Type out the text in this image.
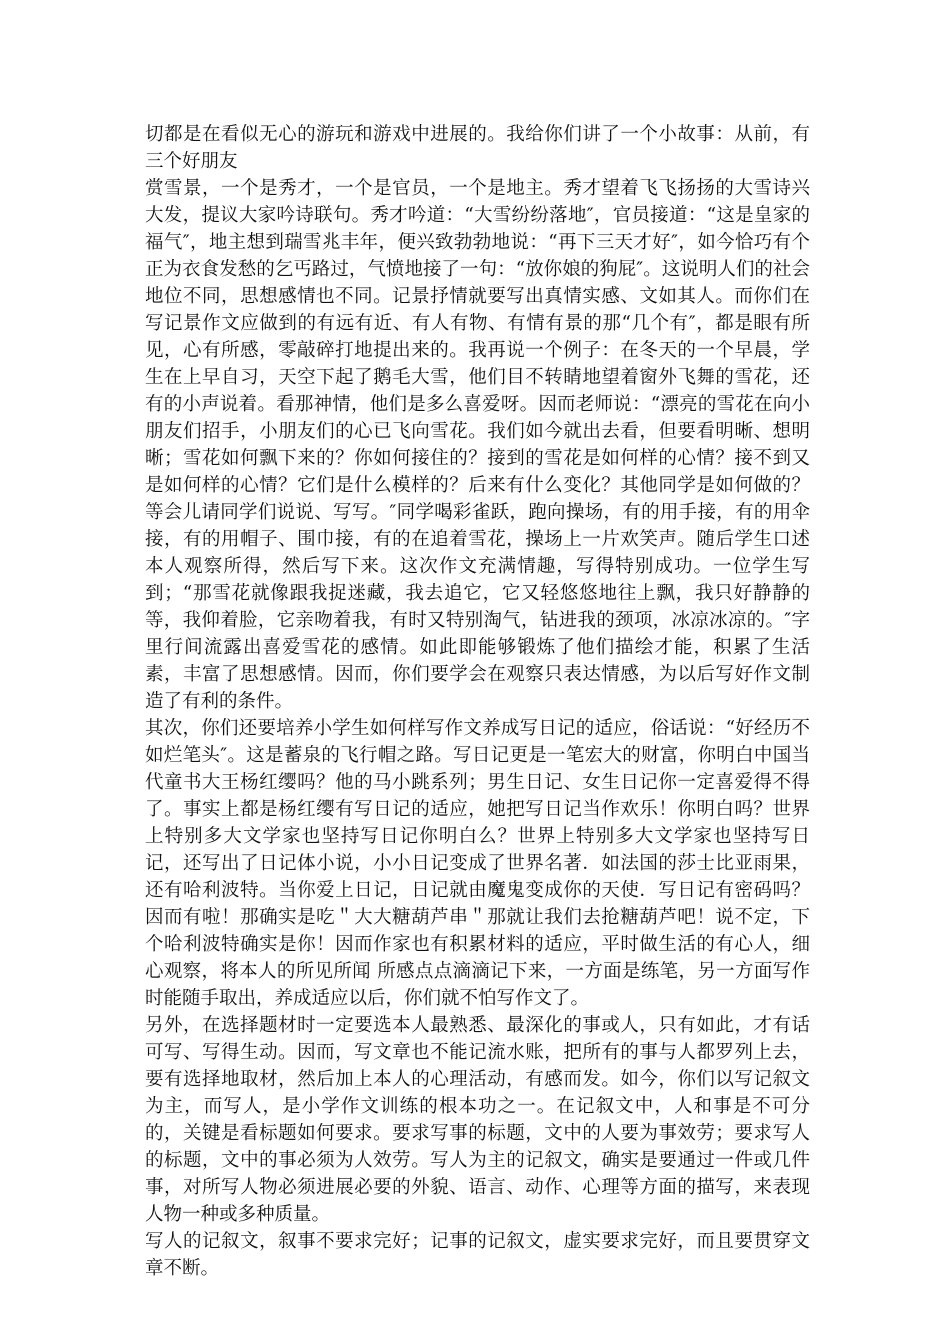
切都是在看似无心的游玩和游戏中进展的。我给你们讲了一个小故事：从前，有三个好朋友

赏雪景，一个是秀才，一个是官员，一个是地主。秀才望着飞飞扬扬的大雪诗兴大发，提议大家吟诗联句。秀才吟道：“大雪纷纷落地″，官员接道：“这是皇家的福气″，地主想到瑞雪兆丰年，便兴致勃勃地说：“再下三天才好″，如今恰巧有个正为衣食发愁的乞丐路过，气愤地接了一句：“放你娘的狗屁″。这说明人们的社会地位不同，思想感情也不同。记景抒情就要写出真情实感、文如其人。而你们在写记景作文应做到的有远有近、有人有物、有情有景的那“几个有″，都是眼有所见，心有所感，零敲碎打地提出来的。我再说一个例子：在冬天的一个早晨，学生在上早自习，天空下起了鹅毛大雪，他们目不转睛地望着窗外飞舞的雪花，还有的小声说着。看那神情，他们是多么喜爱呀。因而老师说：“漂亮的雪花在向小朋友们招手，小朋友们的心已飞向雪花。我们如今就出去看，但要看明晰、想明晰；雪花如何飘下来的？你如何接住的？接到的雪花是如何样的心情？接不到又是如何样的心情？它们是什么模样的？后来有什么变化？其他同学是如何做的？等会儿请同学们说说、写写。″同学喝彩雀跃，跑向操场，有的用手接，有的用伞接，有的用帽子、围巾接，有的在追着雪花，操场上一片欢笑声。随后学生口述本人观察所得，然后写下来。这次作文充满情趣，写得特别成功。一位学生写到；“那雪花就像跟我捉迷藏，我去追它，它又轻悠悠地往上飘，我只好静静的等，我仰着脸，它亲吻着我，有时又特别淘气，钻进我的颈项，冰凉冰凉的。″字里行间流露出喜爱雪花的感情。如此即能够锻炼了他们描绘才能，积累了生活素，丰富了思想感情。因而，你们要学会在观察只表达情感，为以后写好作文制造了有利的条件。

其次，你们还要培养小学生如何样写作文养成写日记的适应，俗话说：“好经历不如烂笔头″。这是蓄泉的飞行帽之路。写日记更是一笔宏大的财富，你明白中国当代童书大王杨红缨吗？他的马小跳系列；男生日记、女生日记你一定喜爱得不得了。事实上都是杨红缨有写日记的适应，她把写日记当作欢乐！你明白吗？世界上特别多大文学家也坚持写日记你明白么？世界上特别多大文学家也坚持写日记，还写出了日记体小说，小小日记变成了世界名著．如法国的莎士比亚雨果，还有哈利波特。当你爱上日记，日记就由魔鬼变成你的天使．写日记有密码吗？因而有啦！那确实是吃＂大大糖葫芦串＂那就让我们去抢糖葫芦吧！说不定，下个哈利波特确实是你！因而作家也有积累材料的适应，平时做生活的有心人，细心观察，将本人的所见所闻 所感点点滴滴记下来，一方面是练笔，另一方面写作时能随手取出，养成适应以后，你们就不怕写作文了。

另外，在选择题材时一定要选本人最熟悉、最深化的事或人，只有如此，才有话可写、写得生动。因而，写文章也不能记流水账，把所有的事与人都罗列上去，要有选择地取材，然后加上本人的心理活动，有感而发。如今，你们以写记叙文为主，而写人，是小学作文训练的根本功之一。在记叙文中，人和事是不可分的，关键是看标题如何要求。要求写事的标题，文中的人要为事效劳；要求写人的标题，文中的事必须为人效劳。写人为主的记叙文，确实是要通过一件或几件事，对所写人物必须进展必要的外貌、语言、动作、心理等方面的描写，来表现人物一种或多种质量。

写人的记叙文，叙事不要求完好；记事的记叙文，虚实要求完好，而且要贯穿文章不断。
